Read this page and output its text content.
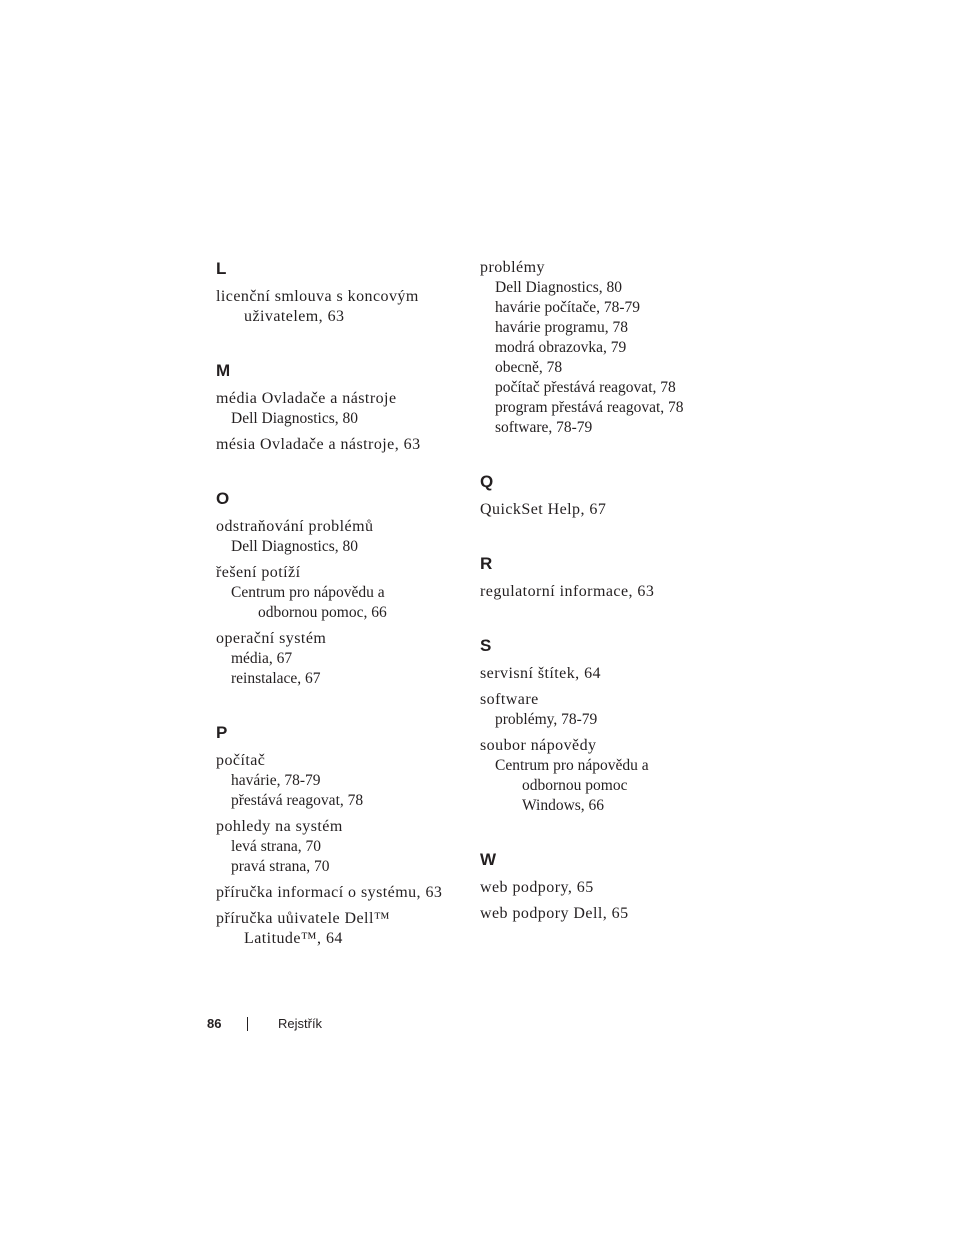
L
licenční smlouva s koncovým
uživatelem, 63
M
média Ovladače a nástroje
Dell Diagnostics, 80
mésia Ovladače a nástroje, 63
O
odstraňování problémů
Dell Diagnostics, 80
řešení potíží
Centrum pro nápovědu a
odbornou pomoc, 66
operační systém
média, 67
reinstalace, 67
P
počítač
havárie, 78-79
přestává reagovat, 78
pohledy na systém
levá strana, 70
pravá strana, 70
příručka informací o systému, 63
příručka uůivatele Dell™
Latitude™, 64
problémy
Dell Diagnostics, 80
havárie počítače, 78-79
havárie programu, 78
modrá obrazovka, 79
obecně, 78
počítač přestává reagovat, 78
program přestává reagovat, 78
software, 78-79
Q
QuickSet Help, 67
R
regulatorní informace, 63
S
servisní štítek, 64
software
problémy, 78-79
soubor nápovědy
Centrum pro nápovědu a
odbornou pomoc
Windows, 66
W
web podpory, 65
web podpory Dell, 65
86	Rejstřík
